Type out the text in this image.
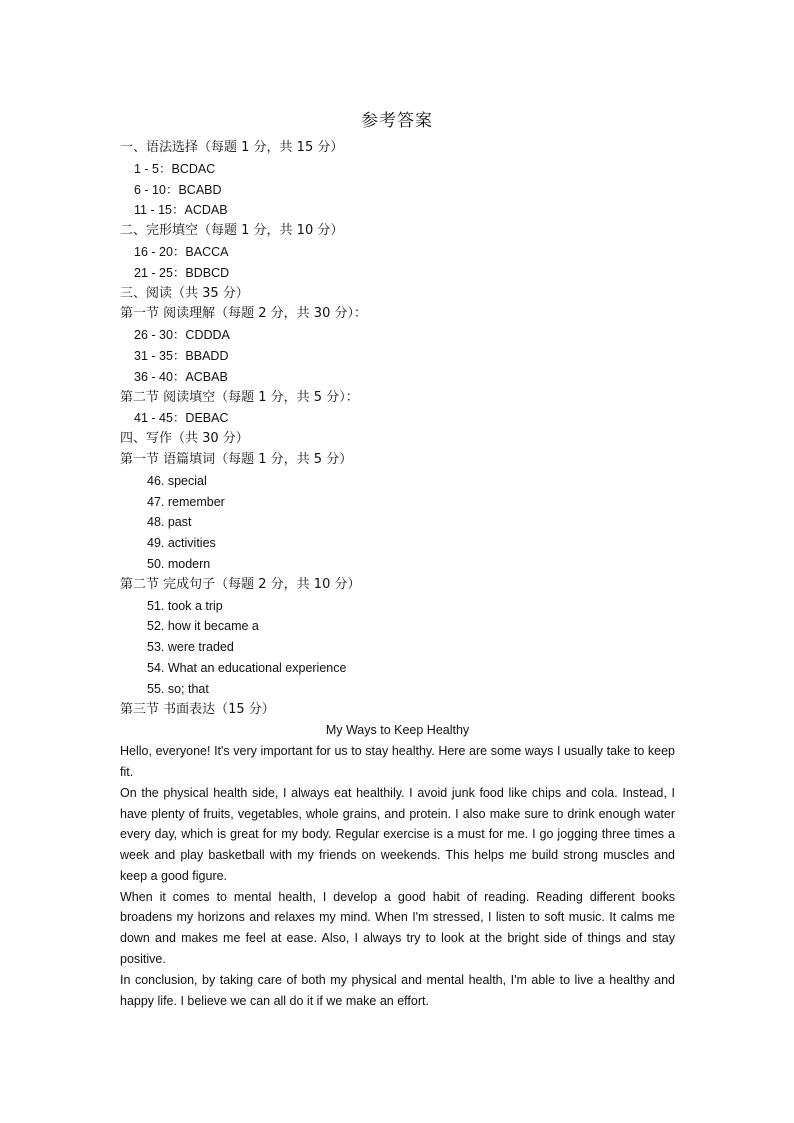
参考答案
一、语法选择（每题 1 分，共 15 分）
1 - 5：BCDAC
6 - 10：BCABD
11 - 15：ACDAB
二、完形填空（每题 1 分，共 10 分）
16 - 20：BACCA
21 - 25：BDBCD
三、阅读（共 35 分）
第一节 阅读理解（每题 2 分，共 30 分）：
26 - 30：CDDDA
31 - 35：BBADD
36 - 40：ACBAB
第二节 阅读填空（每题 1 分，共 5 分）：
41 - 45：DEBAC
四、写作（共 30 分）
第一节 语篇填词（每题 1 分，共 5 分）
46. special
47. remember
48. past
49. activities
50. modern
第二节 完成句子（每题 2 分，共 10 分）
51. took a trip
52. how it became a
53. were traded
54. What an educational experience
55. so; that
第三节 书面表达（15 分）
My Ways to Keep Healthy
Hello, everyone! It's very important for us to stay healthy. Here are some ways I usually take to keep fit.
On the physical health side, I always eat healthily. I avoid junk food like chips and cola. Instead, I have plenty of fruits, vegetables, whole grains, and protein. I also make sure to drink enough water every day, which is great for my body. Regular exercise is a must for me. I go jogging three times a week and play basketball with my friends on weekends. This helps me build strong muscles and keep a good figure.
When it comes to mental health, I develop a good habit of reading. Reading different books broadens my horizons and relaxes my mind. When I'm stressed, I listen to soft music. It calms me down and makes me feel at ease. Also, I always try to look at the bright side of things and stay positive.
In conclusion, by taking care of both my physical and mental health, I'm able to live a healthy and happy life. I believe we can all do it if we make an effort.
